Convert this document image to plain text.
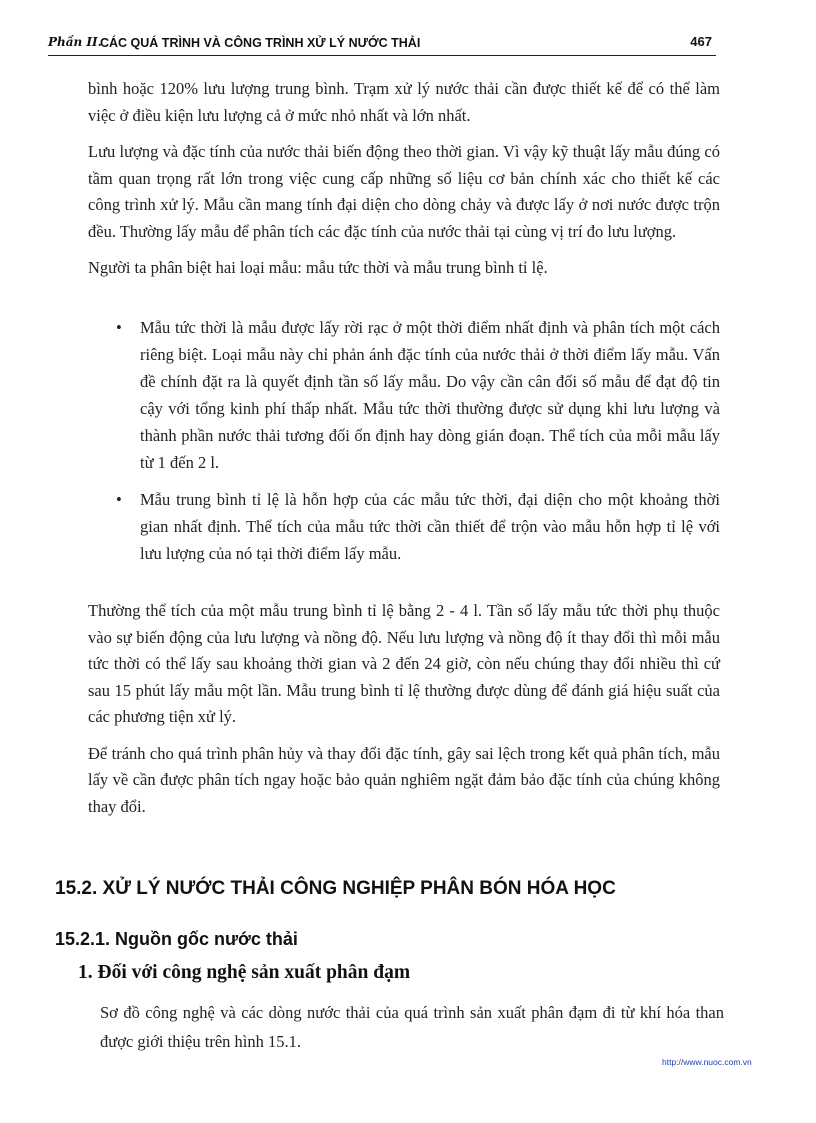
Phần II.
CÁC QUÁ TRÌNH VÀ CÔNG TRÌNH XỬ LÝ NƯỚC THẢI	467

bình hoặc 120% lưu lượng trung bình. Trạm xử lý nước thải cần được thiết kế để có thể làm việc ở điều kiện lưu lượng cả ở mức nhỏ nhất và lớn nhất.

Lưu lượng và đặc tính của nước thải biến động theo thời gian. Vì vậy kỹ thuật lấy mẫu đúng có tầm quan trọng rất lớn trong việc cung cấp những số liệu cơ bản chính xác cho thiết kế các công trình xử lý. Mẫu cần mang tính đại diện cho dòng chảy và được lấy ở nơi nước được trộn đều. Thường lấy mẫu để phân tích các đặc tính của nước thải tại cùng vị trí đo lưu lượng.

Người ta phân biệt hai loại mẫu: mẫu tức thời và mẫu trung bình tỉ lệ.

• Mẫu tức thời là mẫu được lấy rời rạc ở một thời điểm nhất định và phân tích một cách riêng biệt. Loại mẫu này chỉ phản ánh đặc tính của nước thải ở thời điểm lấy mẫu. Vấn đề chính đặt ra là quyết định tần số lấy mẫu. Do vậy cần cân đối số mẫu để đạt độ tin cậy với tổng kinh phí thấp nhất. Mẫu tức thời thường được sử dụng khi lưu lượng và thành phần nước thải tương đối ổn định hay dòng gián đoạn. Thể tích của mỗi mẫu lấy từ 1 đến 2 l.
• Mẫu trung bình tỉ lệ là hỗn hợp của các mẫu tức thời, đại diện cho một khoảng thời gian nhất định. Thể tích của mẫu tức thời cần thiết để trộn vào mẫu hỗn hợp tỉ lệ với lưu lượng của nó tại thời điểm lấy mẫu.

Thường thể tích của một mẫu trung bình tỉ lệ bằng 2 - 4 l. Tần số lấy mẫu tức thời phụ thuộc vào sự biến động của lưu lượng và nồng độ. Nếu lưu lượng và nồng độ ít thay đổi thì mỗi mẫu tức thời có thể lấy sau khoảng thời gian và 2 đến 24 giờ, còn nếu chúng thay đổi nhiều thì cứ sau 15 phút lấy mẫu một lần. Mẫu trung bình tỉ lệ thường được dùng để đánh giá hiệu suất của các phương tiện xử lý.

Để tránh cho quá trình phân hủy và thay đổi đặc tính, gây sai lệch trong kết quả phân tích, mẫu lấy về cần được phân tích ngay hoặc bảo quản nghiêm ngặt đảm bảo đặc tính của chúng không thay đổi.

15.2. XỬ LÝ NƯỚC THẢI CÔNG NGHIỆP PHÂN BÓN HÓA HỌC
15.2.1. Nguồn gốc nước thải
1. Đối với công nghệ sản xuất phân đạm

Sơ đồ công nghệ và các dòng nước thải của quá trình sản xuất phân đạm đi từ khí hóa than được giới thiệu trên hình 15.1.

http://www.nuoc.com.vn
